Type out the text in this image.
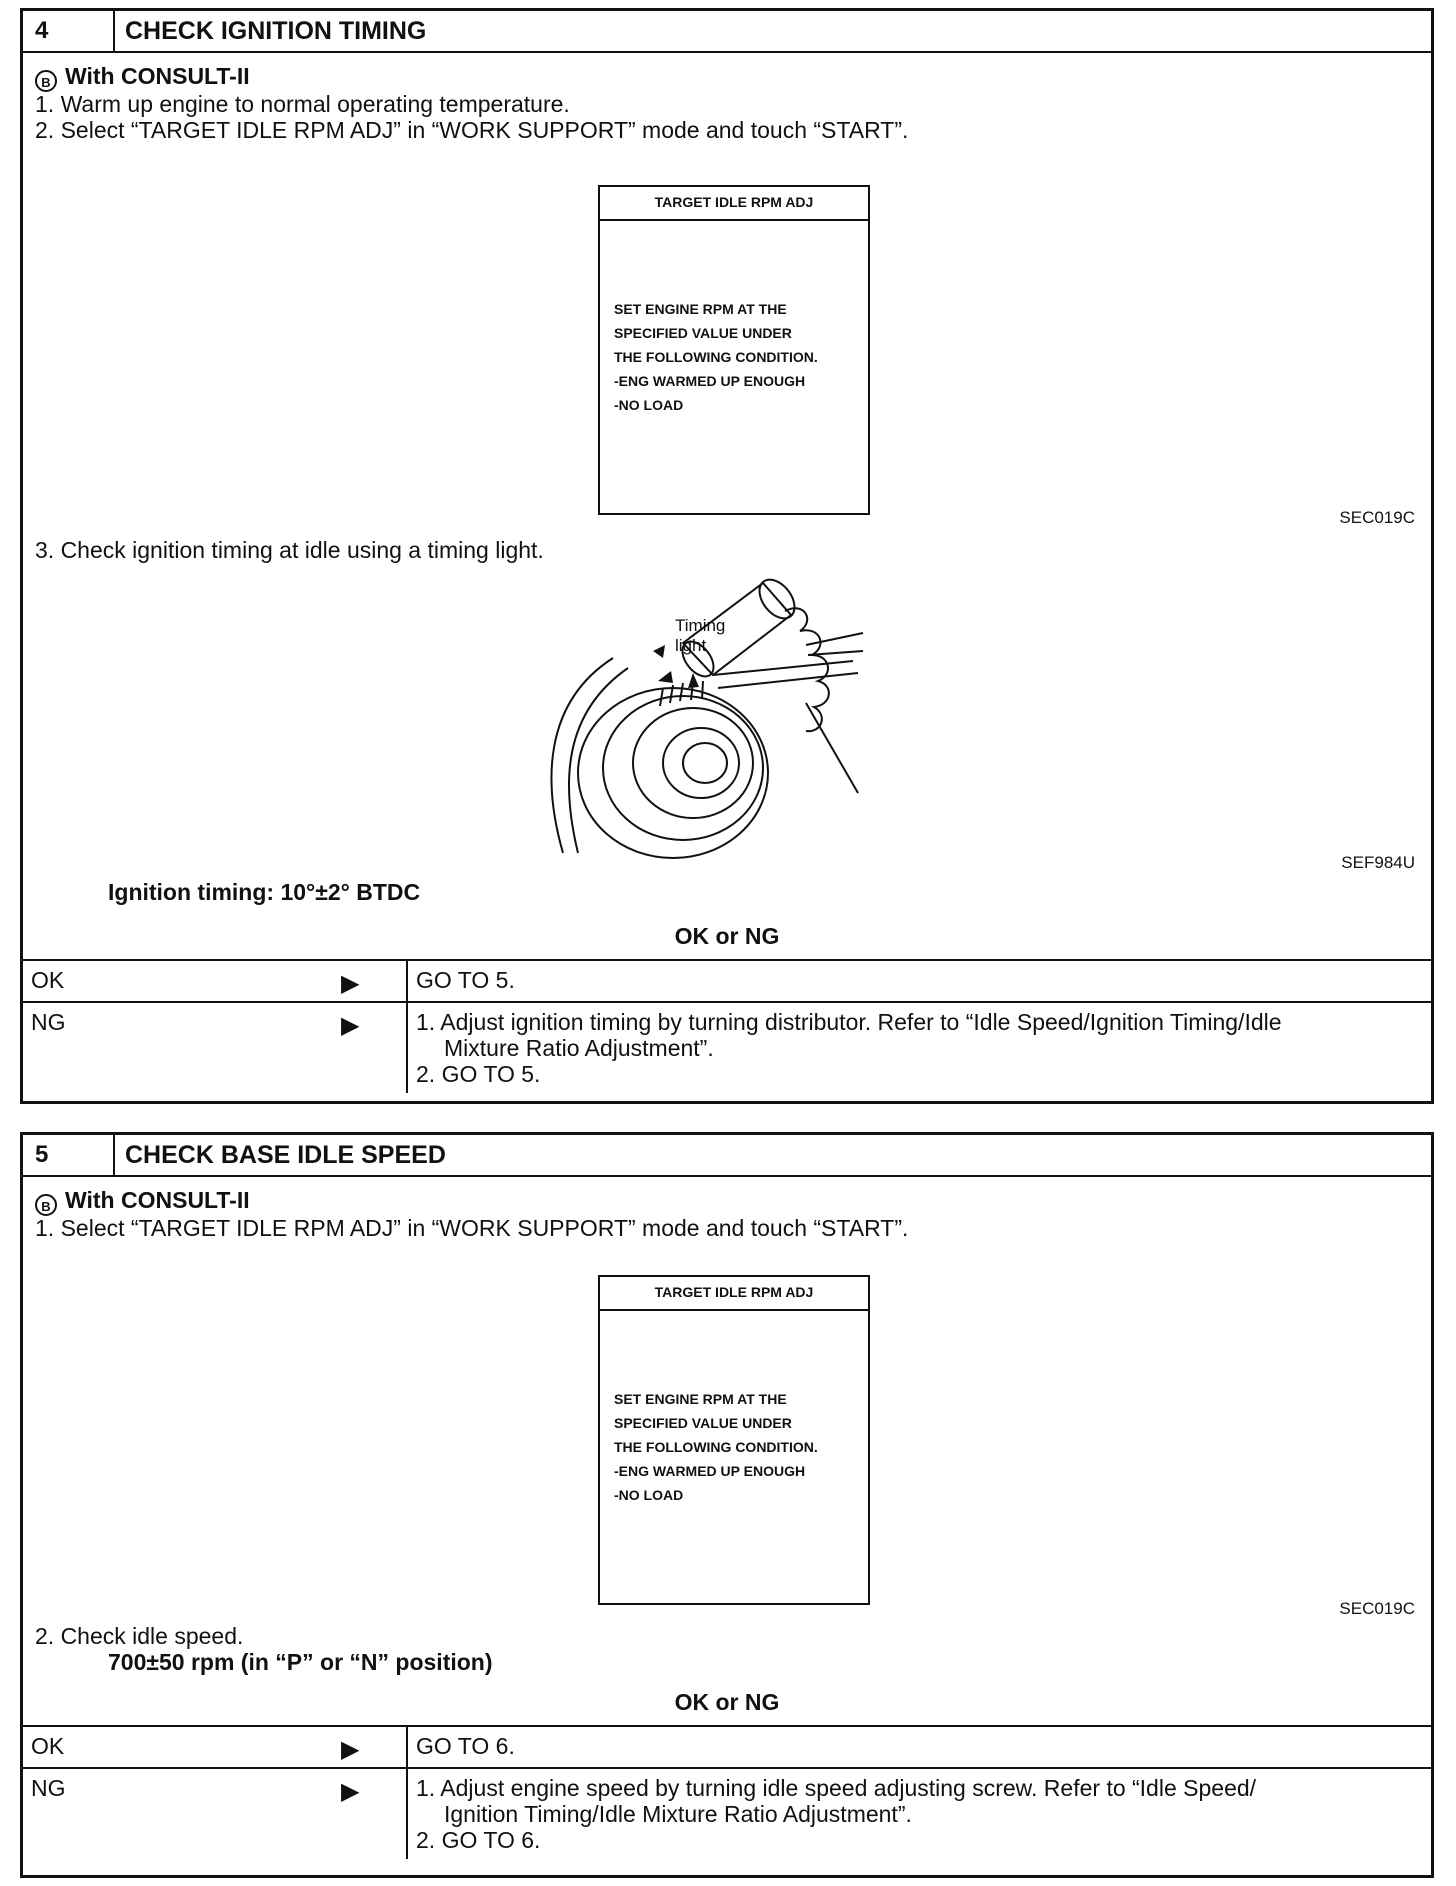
4	CHECK IGNITION TIMING
B With CONSULT-II
1. Warm up engine to normal operating temperature.
2. Select “TARGET IDLE RPM ADJ” in “WORK SUPPORT” mode and touch “START”.
TARGET IDLE RPM ADJ
SET ENGINE RPM AT THE
SPECIFIED VALUE UNDER
THE FOLLOWING CONDITION.
-ENG WARMED UP ENOUGH
-NO LOAD
SEC019C
3. Check ignition timing at idle using a timing light.
Timing
light
SEF984U
Ignition timing: 10°±2° BTDC
OK or NG
OK ▶	GO TO 5.

NG ▶	1. Adjust ignition timing by turning distributor. Refer to “Idle Speed/Ignition Timing/Idle
Mixture Ratio Adjustment”.
2. GO TO 5.
5	CHECK BASE IDLE SPEED
B With CONSULT-II
1. Select “TARGET IDLE RPM ADJ” in “WORK SUPPORT” mode and touch “START”.
TARGET IDLE RPM ADJ
SET ENGINE RPM AT THE
SPECIFIED VALUE UNDER
THE FOLLOWING CONDITION.
-ENG WARMED UP ENOUGH
-NO LOAD
SEC019C
2. Check idle speed.
700±50 rpm (in “P” or “N” position)
OK or NG
OK ▶	GO TO 6.

NG ▶	1. Adjust engine speed by turning idle speed adjusting screw. Refer to “Idle Speed/
Ignition Timing/Idle Mixture Ratio Adjustment”.
2. GO TO 6.
